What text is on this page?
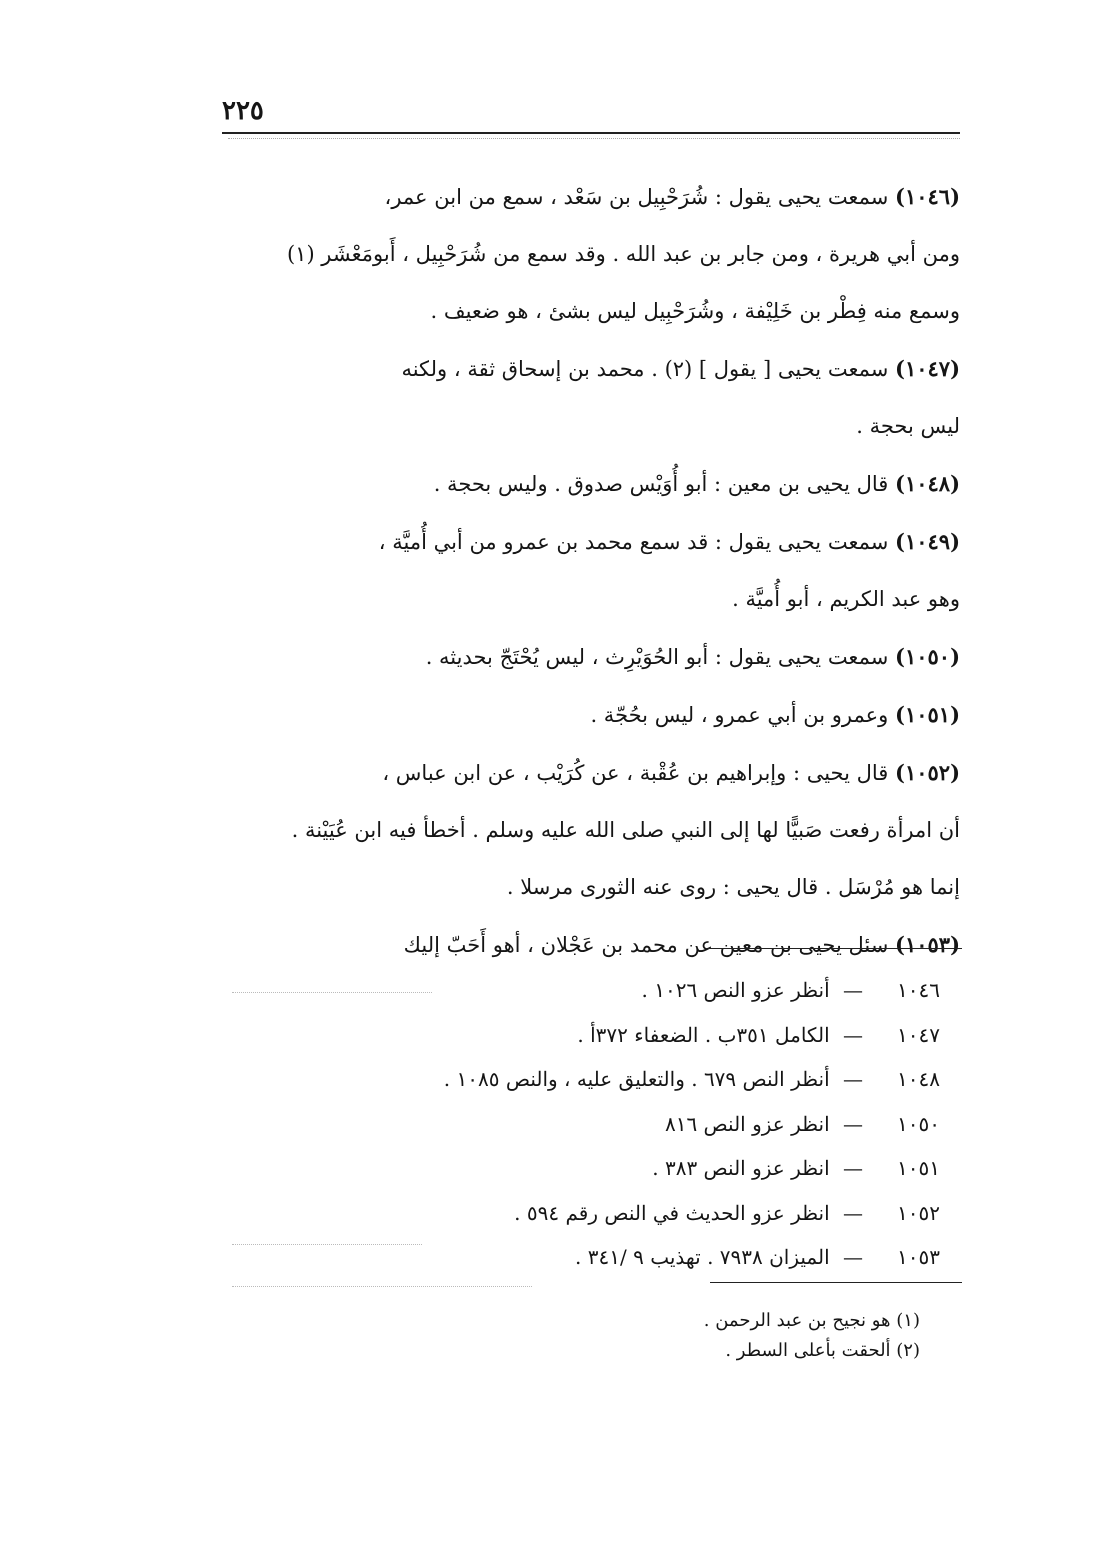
٢٢٥

(١٠٤٦) سمعت يحيى يقول : شُرَحْبِيل بن سَعْد ، سمع من ابن عمر،
ومن أبي هريرة ، ومن جابر بن عبد الله . وقد سمع من شُرَحْبِيل ، أَبومَعْشَر (١)
وسمع منه فِطْر بن خَلِيْفة ، وشُرَحْبِيل ليس بشئ ، هو ضعيف .

(١٠٤٧) سمعت يحيى [ يقول ] (٢) . محمد بن إسحاق ثقة ، ولكنه
ليس بحجة .

(١٠٤٨) قال يحيى بن معين : أبو أُوَيْس صدوق . وليس بحجة .

(١٠٤٩) سمعت يحيى يقول : قد سمع محمد بن عمرو من أبي أُميَّة ،
وهو عبد الكريم ، أبو أُميَّة .

(١٠٥٠) سمعت يحيى يقول : أبو الحُوَيْرِث ، ليس يُحْتَجّ بحديثه .

(١٠٥١) وعمرو بن أبي عمرو ، ليس بحُجّة .

(١٠٥٢) قال يحيى : وإبراهيم بن عُقْبة ، عن كُرَيْب ، عن ابن عباس ،
أن امرأة رفعت صَبيًّا لها إلى النبي صلى الله عليه وسلم . أخطأ فيه ابن عُيَيْنة .
إنما هو مُرْسَل . قال يحيى : روى عنه الثورى مرسلا .

(١٠٥٣) سئل يحيى بن معين عن محمد بن عَجْلان ، أهو أَحَبّ إليك

١٠٤٦— أنظر عزو النص ١٠٢٦ .

١٠٤٧— الكامل ٣٥١ب . الضعفاء ٣٧٢أ .

١٠٤٨— أنظر النص ٦٧٩ . والتعليق عليه ، والنص ١٠٨٥ .

١٠٥٠— انظر عزو النص ٨١٦

١٠٥١— انظر عزو النص ٣٨٣ .

١٠٥٢— انظر عزو الحديث في النص رقم ٥٩٤ .

١٠٥٣— الميزان ٧٩٣٨ . تهذيب ٩ /٣٤١ .

(١) هو نجيح بن عبد الرحمن .

(٢) ألحقت بأعلى السطر .
